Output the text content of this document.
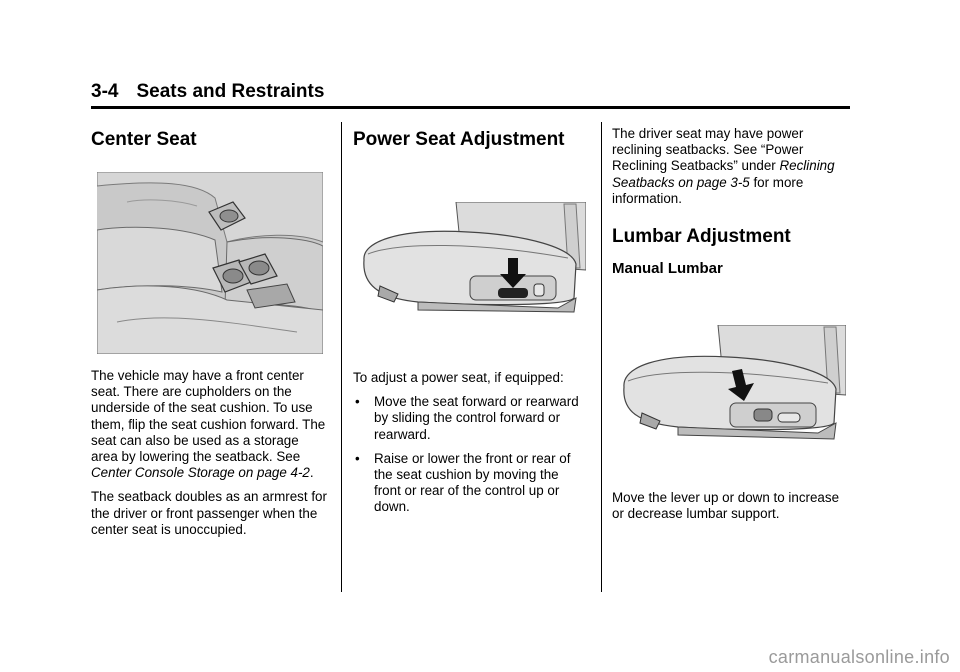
3-4 Seats and Restraints
Center Seat

The vehicle may have a front center seat. There are cupholders on the underside of the seat cushion. To use them, flip the seat cushion forward. The seat can also be used as a storage area by lowering the seatback. See Center Console Storage on page 4-2.

The seatback doubles as an armrest for the driver or front passenger when the center seat is unoccupied.

Power Seat Adjustment

To adjust a power seat, if equipped:

• Move the seat forward or rearward by sliding the control forward or rearward.
• Raise or lower the front or rear of the seat cushion by moving the front or rear of the control up or down.

The driver seat may have power reclining seatbacks. See “Power Reclining Seatbacks” under Reclining Seatbacks on page 3-5 for more information.

Lumbar Adjustment
Manual Lumbar

Move the lever up or down to increase or decrease lumbar support.

carmanualsonline.info
